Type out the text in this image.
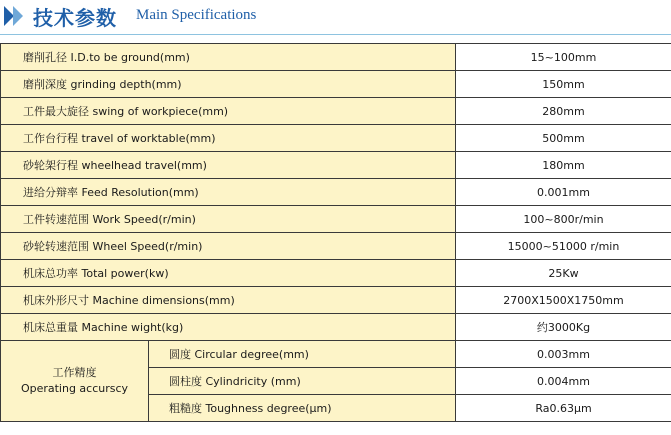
技术参数 Main Specifications
磨削孔径 I.D.to be ground(mm)		15~100mm
磨削深度 grinding depth(mm)		150mm
工件最大旋径 swing of workpiece(mm)		280mm
工作台行程 travel of worktable(mm)		500mm
砂轮架行程 wheelhead travel(mm)		180mm
进给分辩率 Feed Resolution(mm)		0.001mm
工件转速范围 Work Speed(r/min)		100~800r/min
砂轮转速范围 Wheel Speed(r/min)		15000~51000 r/min
机床总功率 Total power(kw)		25Kw
机床外形尺寸 Machine dimensions(mm)		2700X1500X1750mm
机床总重量 Machine wight(kg)		约3000Kg

工作精度
Operating accurscy	圆度 Circular degree(mm)	0.003mm
	圆柱度 Cylindricity (mm)	0.004mm
	粗糙度 Toughness degree(μm)	Ra0.63μm
